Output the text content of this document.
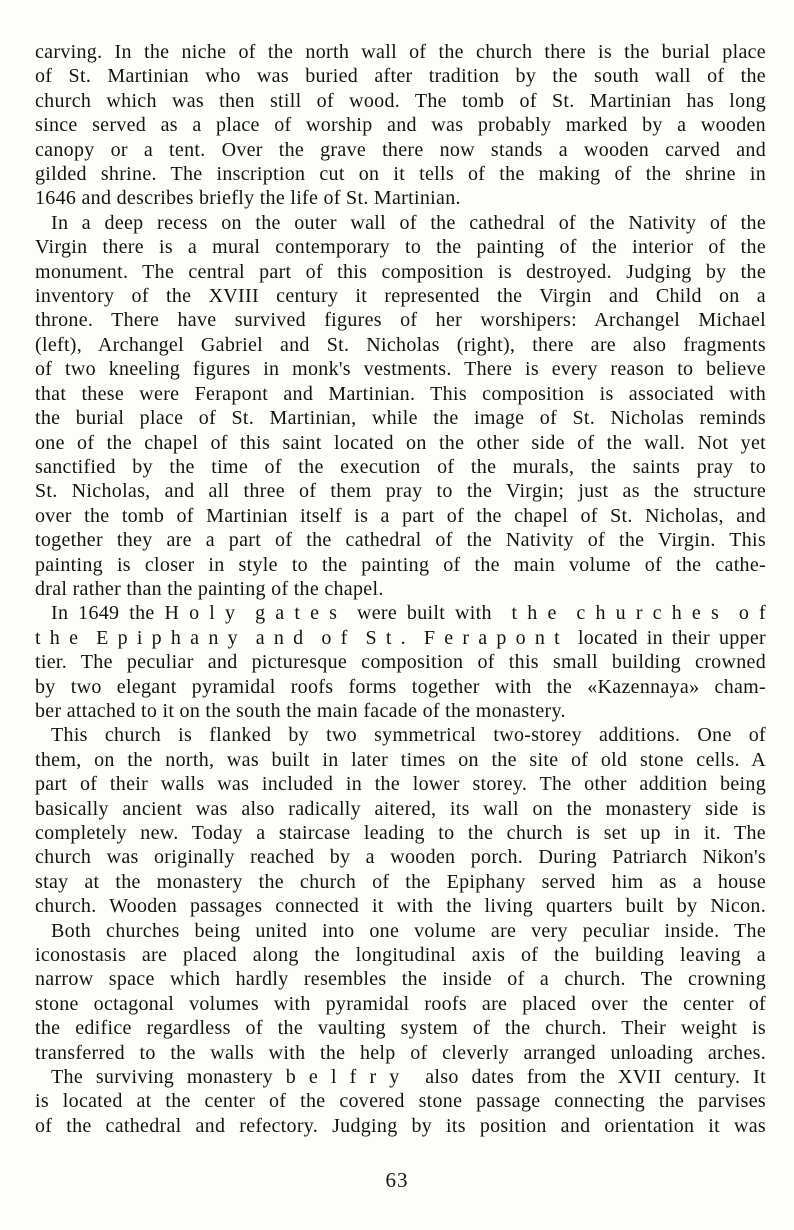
carving. In the niche of the north wall of the church there is the burial place
of St. Martinian who was buried after tradition by the south wall of the
church which was then still of wood. The tomb of St. Martinian has long
since served as a place of worship and was probably marked by a wooden
canopy or a tent. Over the grave there now stands a wooden carved and
gilded shrine. The inscription cut on it tells of the making of the shrine in
1646 and describes briefly the life of St. Martinian.
In a deep recess on the outer wall of the cathedral of the Nativity of the
Virgin there is a mural contemporary to the painting of the interior of the
monument. The central part of this composition is destroyed. Judging by the
inventory of the XVIII century it represented the Virgin and Child on a
throne. There have survived figures of her worshipers: Archangel Michael
(left), Archangel Gabriel and St. Nicholas (right), there are also fragments
of two kneeling figures in monk's vestments. There is every reason to believe
that these were Ferapont and Martinian. This composition is associated with
the burial place of St. Martinian, while the image of St. Nicholas reminds
one of the chapel of this saint located on the other side of the wall. Not yet
sanctified by the time of the execution of the murals, the saints pray to
St. Nicholas, and all three of them pray to the Virgin; just as the structure
over the tomb of Martinian itself is a part of the chapel of St. Nicholas, and
together they are a part of the cathedral of the Nativity of the Virgin. This
painting is closer in style to the painting of the main volume of the cathe-
dral rather than the painting of the chapel.
In 1649 the H o l y  g a t e s  were built with  t h e  c h u r c h e s  o f
t h e  E p i p h a n y  a n d  o f  S t .  F e r a p o n t  located in their upper
tier. The peculiar and picturesque composition of this small building crowned
by two elegant pyramidal roofs forms together with the «Kazennaya» cham-
ber attached to it on the south the main facade of the monastery.
This church is flanked by two symmetrical two-storey additions. One of
them, on the north, was built in later times on the site of old stone cells. A
part of their walls was included in the lower storey. The other addition being
basically ancient was also radically aitered, its wall on the monastery side is
completely new. Today a staircase leading to the church is set up in it. The
church was originally reached by a wooden porch. During Patriarch Nikon's
stay at the monastery the church of the Epiphany served him as a house
church. Wooden passages connected it with the living quarters built by Nicon.
Both churches being united into one volume are very peculiar inside. The
iconostasis are placed along the longitudinal axis of the building leaving a
narrow space which hardly resembles the inside of a church. The crowning
stone octagonal volumes with pyramidal roofs are placed over the center of
the edifice regardless of the vaulting system of the church. Their weight is
transferred to the walls with the help of cleverly arranged unloading arches.
The surviving monastery b e l f r y  also dates from the XVII century. It
is located at the center of the covered stone passage connecting the parvises
of the cathedral and refectory. Judging by its position and orientation it was
63
